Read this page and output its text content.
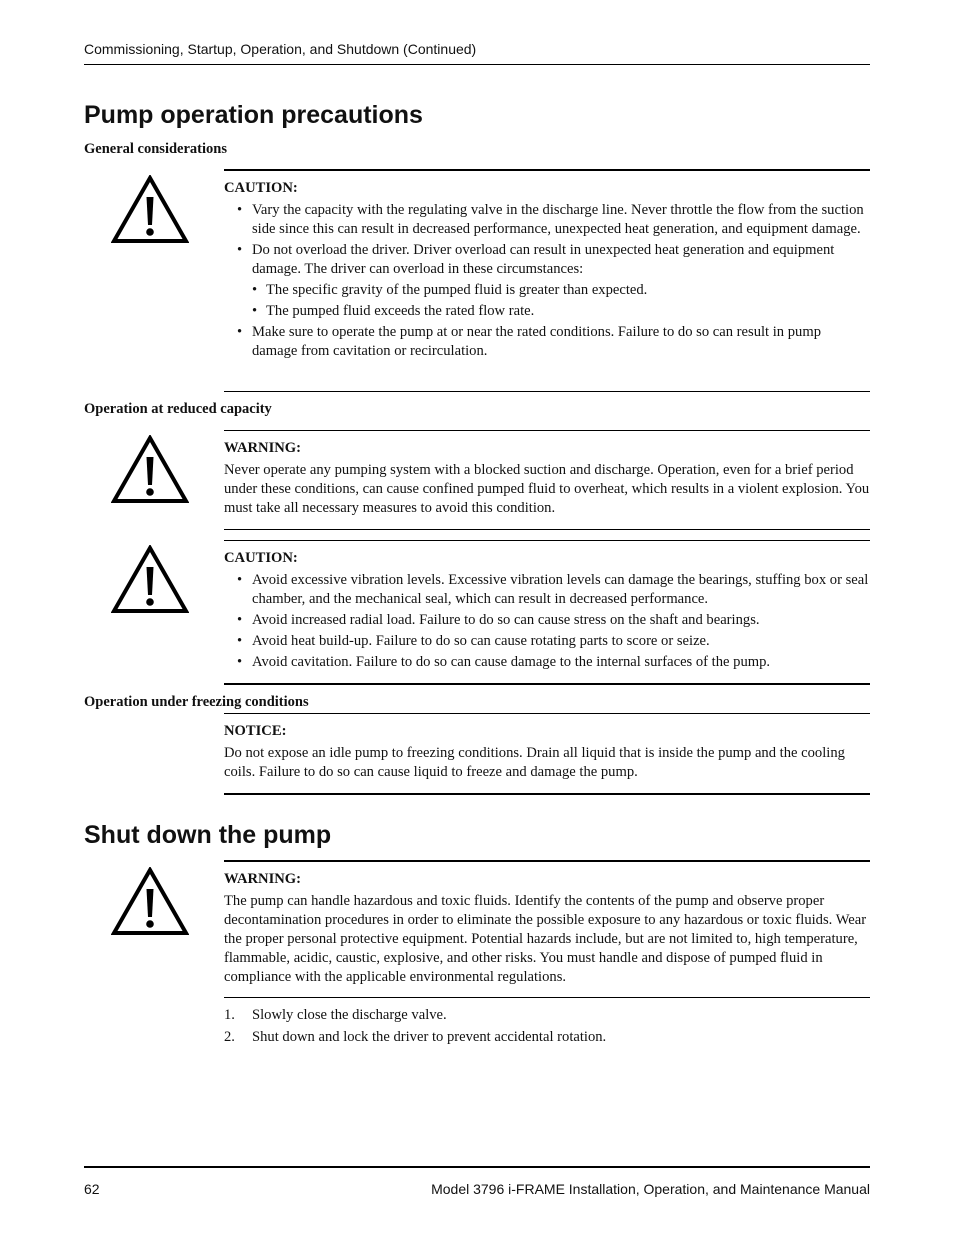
Commissioning, Startup, Operation, and Shutdown (Continued)
Pump operation precautions
General considerations
CAUTION:
• Vary the capacity with the regulating valve in the discharge line. Never throttle the flow from the suction side since this can result in decreased performance, unexpected heat generation, and equipment damage.
• Do not overload the driver. Driver overload can result in unexpected heat generation and equipment damage. The driver can overload in these circumstances:
• The specific gravity of the pumped fluid is greater than expected.
• The pumped fluid exceeds the rated flow rate.
• Make sure to operate the pump at or near the rated conditions. Failure to do so can result in pump damage from cavitation or recirculation.
Operation at reduced capacity
WARNING:

Never operate any pumping system with a blocked suction and discharge. Operation, even for a brief period under these conditions, can cause confined pumped fluid to overheat, which results in a violent explosion. You must take all necessary measures to avoid this condition.

CAUTION:
• Avoid excessive vibration levels. Excessive vibration levels can damage the bearings, stuffing box or seal chamber, and the mechanical seal, which can result in decreased performance.
• Avoid increased radial load. Failure to do so can cause stress on the shaft and bearings.
• Avoid heat build-up. Failure to do so can cause rotating parts to score or seize.
• Avoid cavitation. Failure to do so can cause damage to the internal surfaces of the pump.
Operation under freezing conditions
NOTICE:

Do not expose an idle pump to freezing conditions. Drain all liquid that is inside the pump and the cooling coils. Failure to do so can cause liquid to freeze and damage the pump.

Shut down the pump
WARNING:

The pump can handle hazardous and toxic fluids. Identify the contents of the pump and observe proper decontamination procedures in order to eliminate the possible exposure to any hazardous or toxic fluids. Wear the proper personal protective equipment. Potential hazards include, but are not limited to, high temperature, flammable, acidic, caustic, explosive, and other risks. You must handle and dispose of pumped fluid in compliance with the applicable environmental regulations.

1. Slowly close the discharge valve.
2. Shut down and lock the driver to prevent accidental rotation.
62	Model 3796 i-FRAME Installation, Operation, and Maintenance Manual
